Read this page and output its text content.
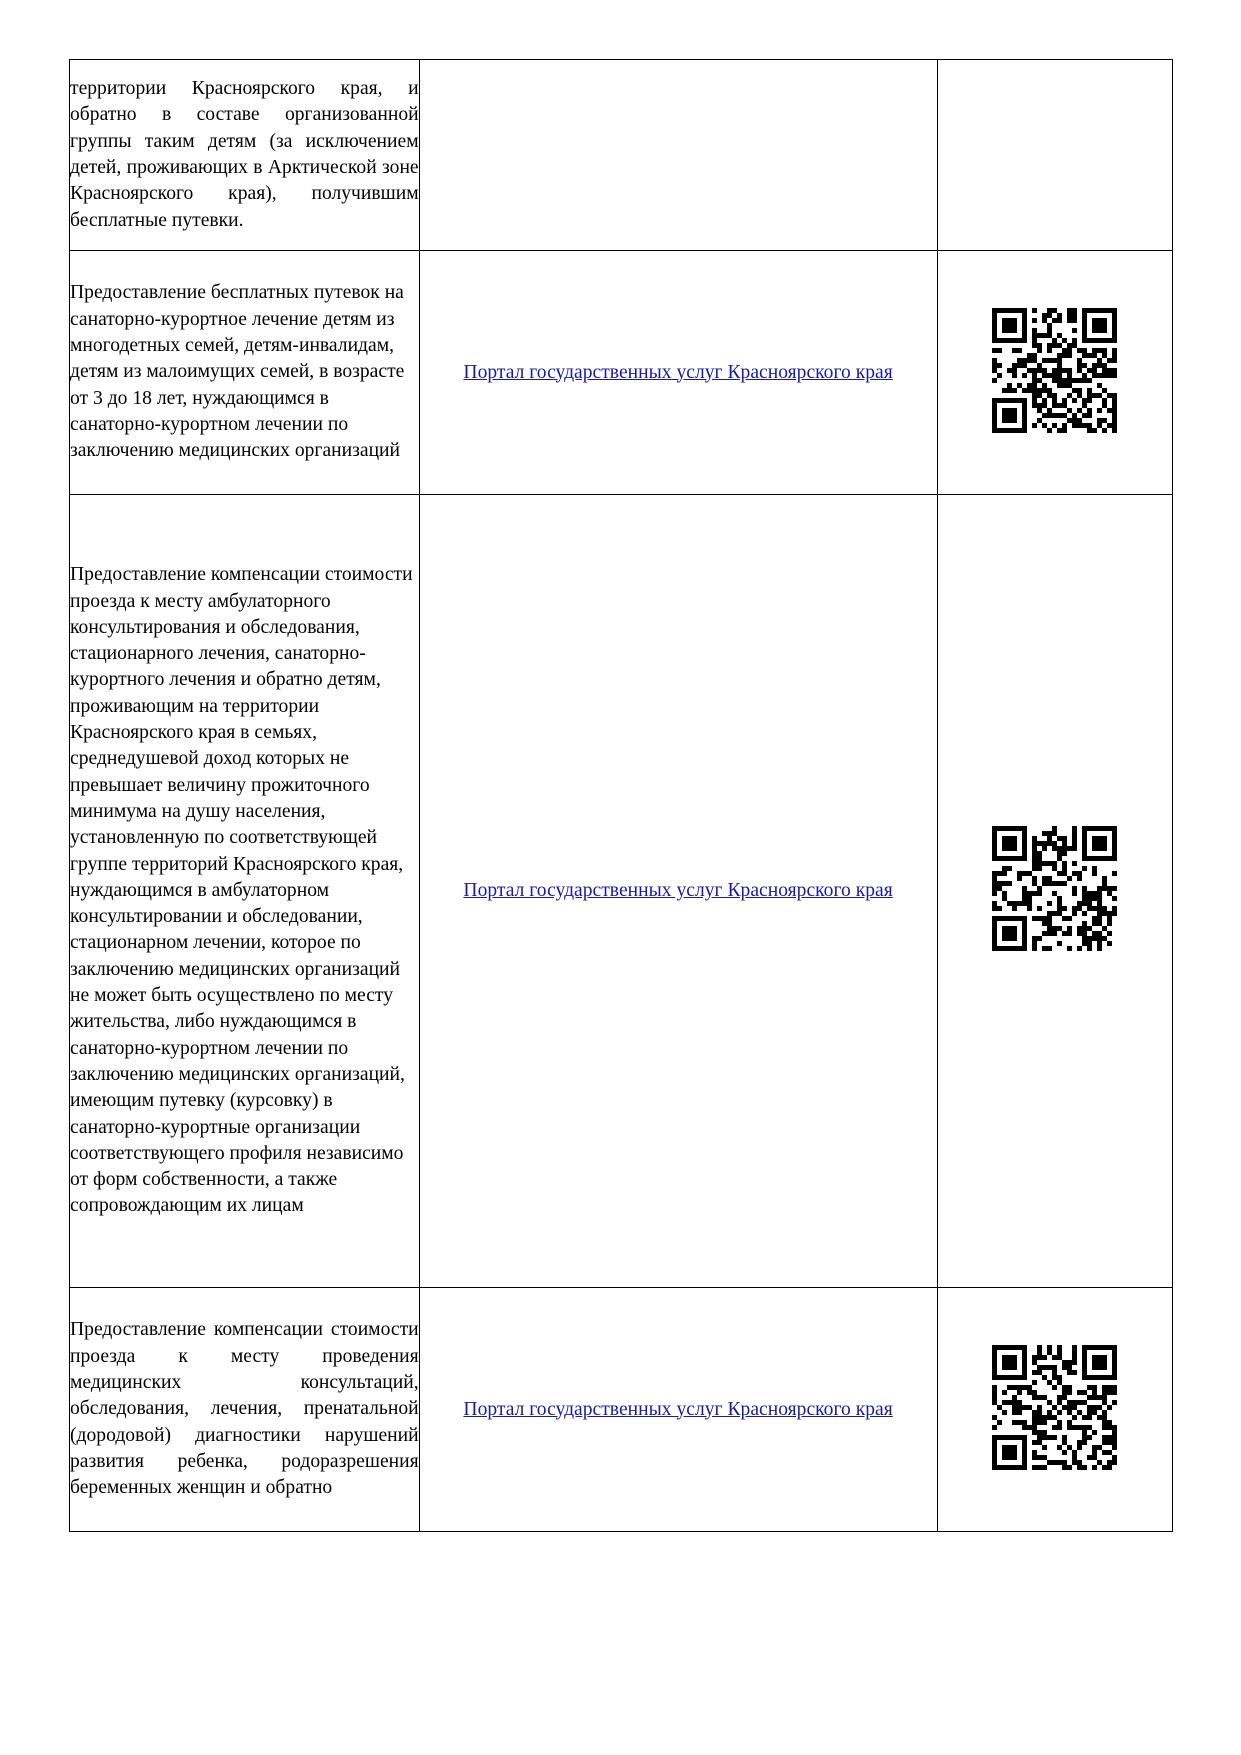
территории Красноярского края, и обратно в составе организованной группы таким детям (за исключением детей, проживающих в Арктической зоне Красноярского края), получившим бесплатные путевки.		

Предоставление бесплатных путевок на санаторно-курортное лечение детям из многодетных семей, детям-инвалидам, детям из малоимущих семей, в возрасте от 3 до 18 лет, нуждающимся в санаторно-курортном лечении по заключению медицинских организаций	Портал государственных услуг Красноярского края	

Предоставление компенсации стоимости проезда к месту амбулаторного консультирования и обследования, стационарного лечения, санаторно-курортного лечения и обратно детям, проживающим на территории Красноярского края в семьях, среднедушевой доход которых не превышает величину прожиточного минимума на душу населения, установленную по соответствующей группе территорий Красноярского края, нуждающимся в амбулаторном консультировании и обследовании, стационарном лечении, которое по заключению медицинских организаций не может быть осуществлено по месту жительства, либо нуждающимся в санаторно-курортном лечении по заключению медицинских организаций, имеющим путевку (курсовку) в санаторно-курортные организации соответствующего профиля независимо от форм собственности, а также сопровождающим их лицам	Портал государственных услуг Красноярского края	

Предоставление компенсации стоимости проезда к месту проведения медицинских консультаций, обследования, лечения, пренатальной (дородовой) диагностики нарушений развития ребенка, родоразрешения беременных женщин и обратно	Портал государственных услуг Красноярского края	
